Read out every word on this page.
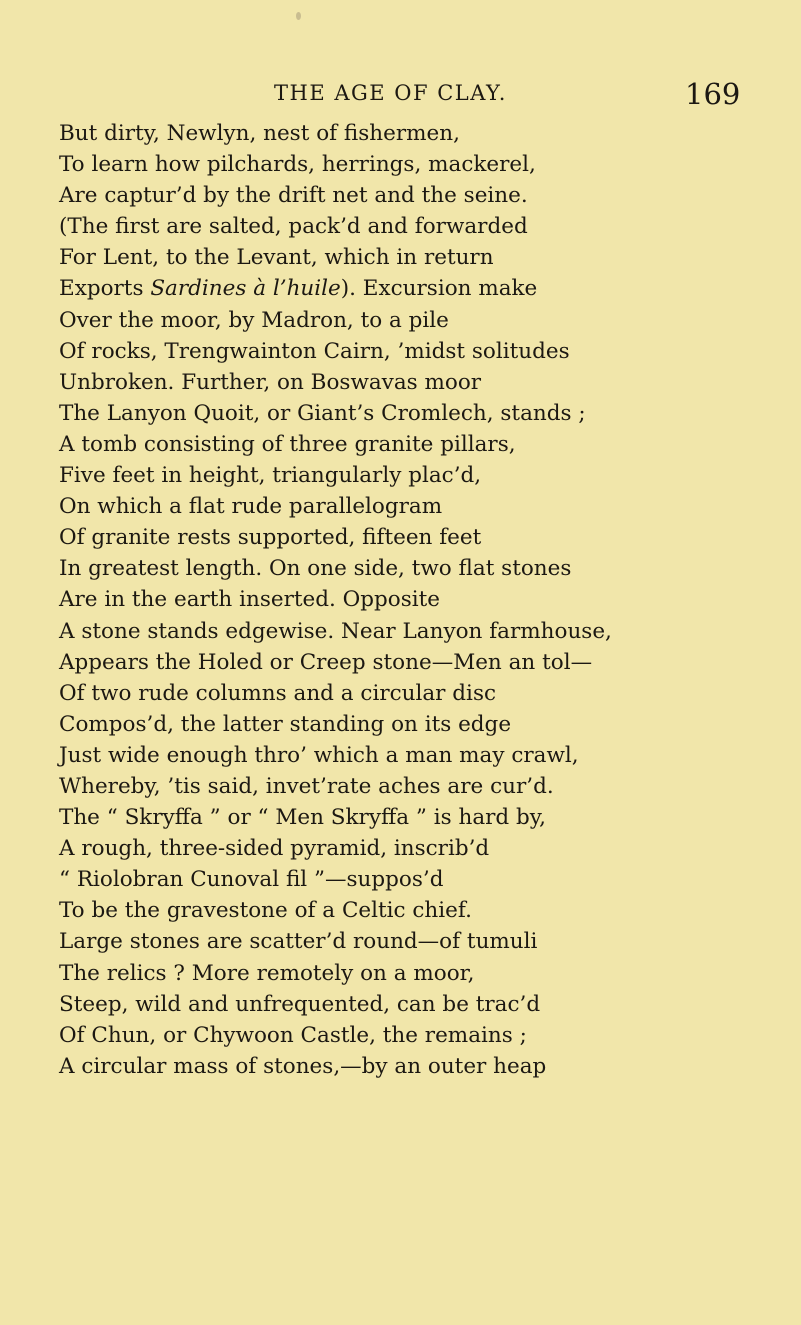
THE AGE OF CLAY.	169
But dirty, Newlyn, nest of fishermen,
To learn how pilchards, herrings, mackerel,
Are captur’d by the drift net and the seine.
(The first are salted, pack’d and forwarded
For Lent, to the Levant, which in return
Exports Sardines à l’huile). Excursion make
Over the moor, by Madron, to a pile
Of rocks, Trengwainton Cairn, ’midst solitudes
Unbroken. Further, on Boswavas moor
The Lanyon Quoit, or Giant’s Cromlech, stands ;
A tomb consisting of three granite pillars,
Five feet in height, triangularly plac’d,
On which a flat rude parallelogram
Of granite rests supported, fifteen feet
In greatest length. On one side, two flat stones
Are in the earth inserted. Opposite
A stone stands edgewise. Near Lanyon farmhouse,
Appears the Holed or Creep stone—Men an tol—
Of two rude columns and a circular disc
Compos’d, the latter standing on its edge
Just wide enough thro’ which a man may crawl,
Whereby, ’tis said, invet’rate aches are cur’d.
The “ Skryffa ” or “ Men Skryffa ” is hard by,
A rough, three-sided pyramid, inscrib’d
“ Riolobran Cunoval fil ”—suppos’d
To be the gravestone of a Celtic chief.
Large stones are scatter’d round—of tumuli
The relics ? More remotely on a moor,
Steep, wild and unfrequented, can be trac’d
Of Chun, or Chywoon Castle, the remains ;
A circular mass of stones,—by an outer heap
